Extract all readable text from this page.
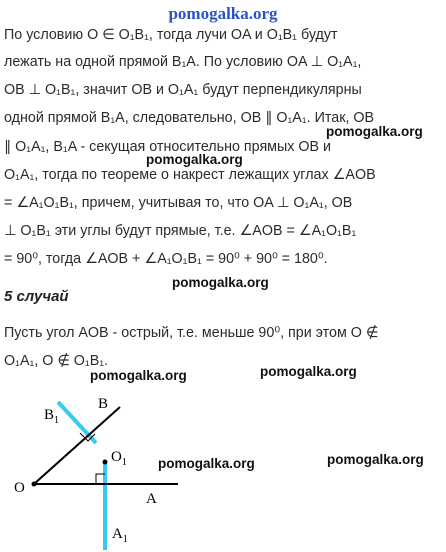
pomogalka.org
По условию O ∈ O₁B₁, тогда лучи OA и O₁B₁ будут
лежать на одной прямой B₁A. По условию OA ⊥ O₁A₁,
OB ⊥ O₁B₁, значит OB и O₁A₁ будут перпендикулярны
одной прямой B₁A, следовательно, OB ∥ O₁A₁. Итак, OB
pomogalka.org
∥ O₁A₁, B₁A - секущая относительно прямых OB и
pomogalka.org
O₁A₁, тогда по теореме о накрест лежащих углах ∠AOB
= ∠A₁O₁B₁, причем, учитывая то, что OA ⊥ O₁A₁, OB
⊥ O₁B₁ эти углы будут прямые, т.е. ∠AOB = ∠A₁O₁B₁
= 90⁰, тогда ∠AOB + ∠A₁O₁B₁ = 90⁰ + 90⁰ = 180⁰.
pomogalka.org
5 случай
Пусть угол AOB - острый, т.е. меньше 90⁰, при этом O ∉
O₁A₁, O ∉ O₁B₁.
pomogalka.org	pomogalka.org
pomogalka.org	pomogalka.org
O
A
B
$B_1$
$O_1$
$A_1$
